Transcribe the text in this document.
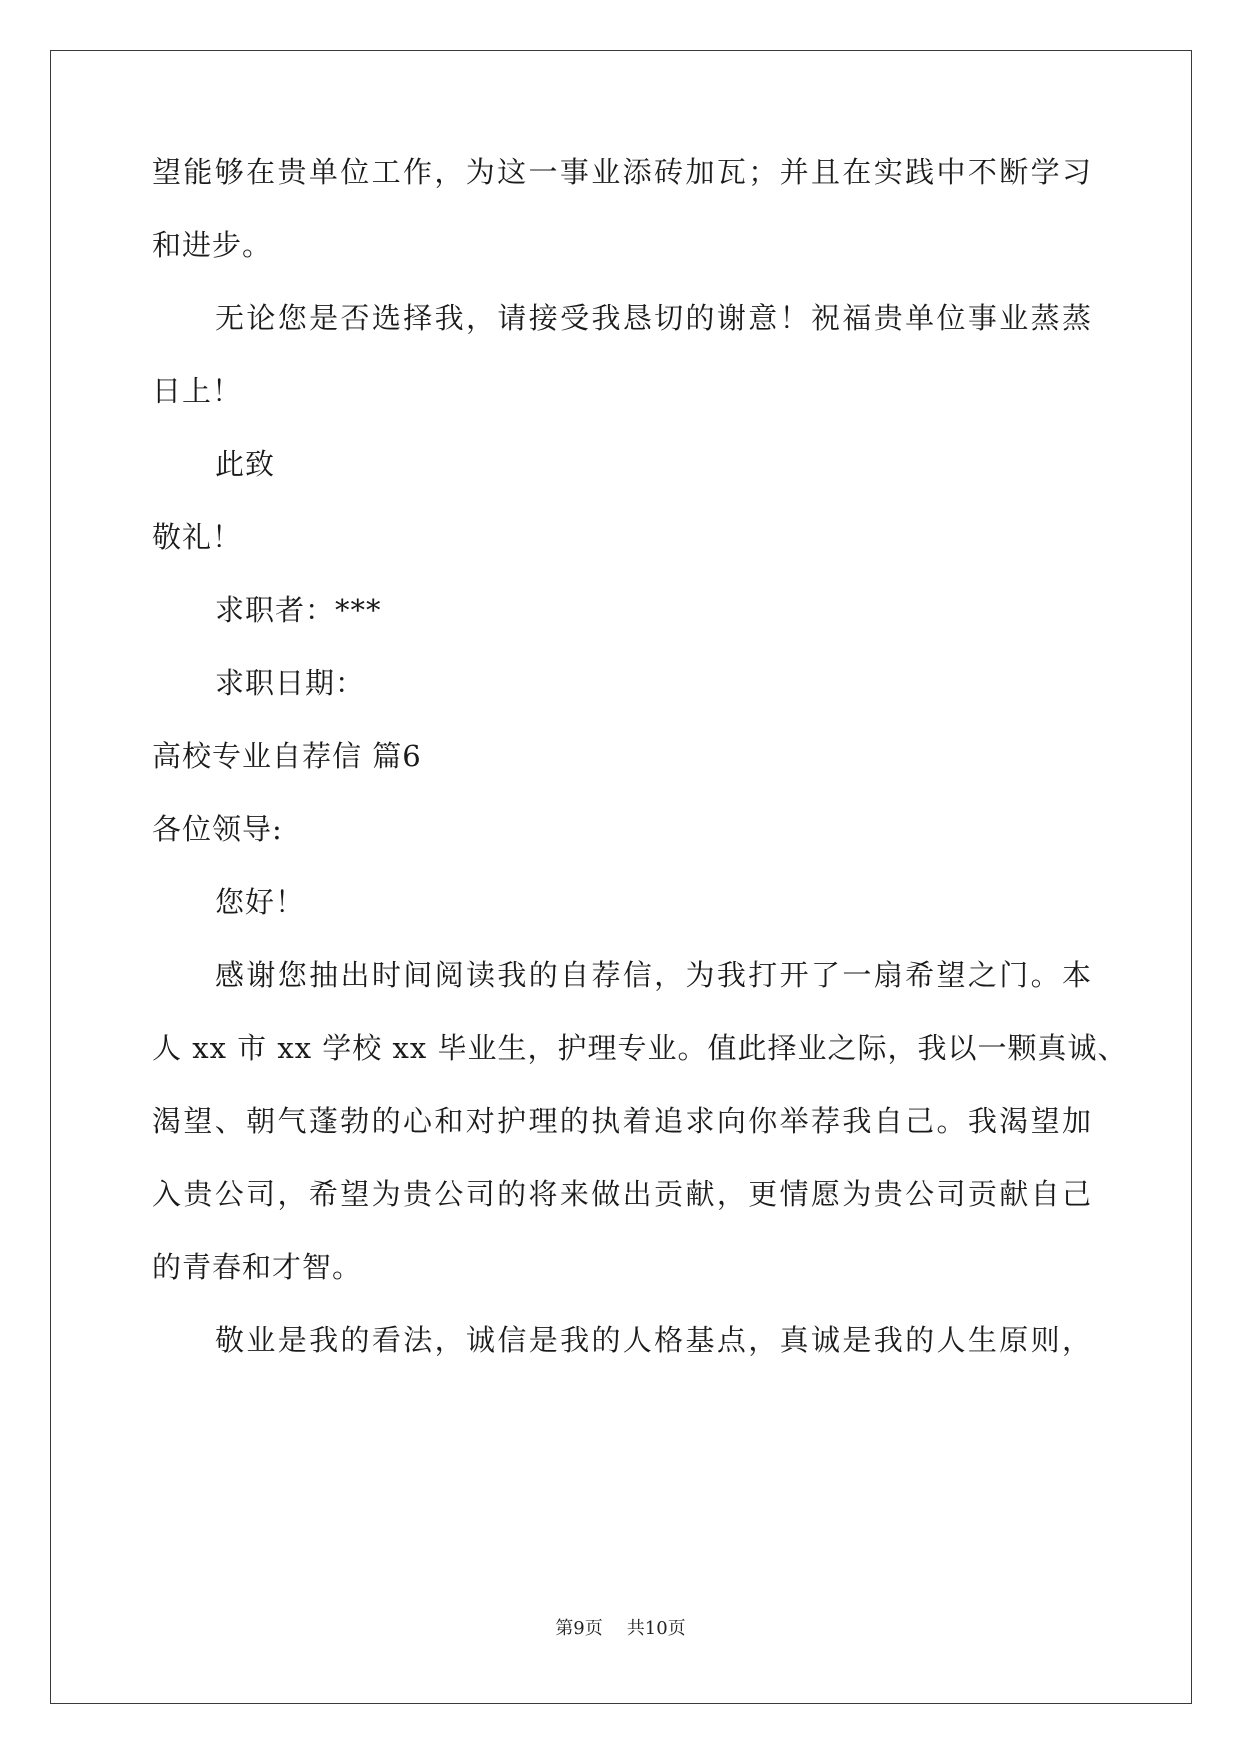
望能够在贵单位工作，为这一事业添砖加瓦；并且在实践中不断学习
和进步。
无论您是否选择我，请接受我恳切的谢意！祝福贵单位事业蒸蒸
日上！
此致
敬礼！
求职者：***
求职日期：
高校专业自荐信 篇6
各位领导:
您好！
感谢您抽出时间阅读我的自荐信，为我打开了一扇希望之门。本
人 xx 市 xx 学校 xx 毕业生，护理专业。值此择业之际，我以一颗真诚、
渴望、朝气蓬勃的心和对护理的执着追求向你举荐我自己。我渴望加
入贵公司，希望为贵公司的将来做出贡献，更情愿为贵公司贡献自己
的青春和才智。
敬业是我的看法，诚信是我的人格基点，真诚是我的人生原则，
第9页 共10页
